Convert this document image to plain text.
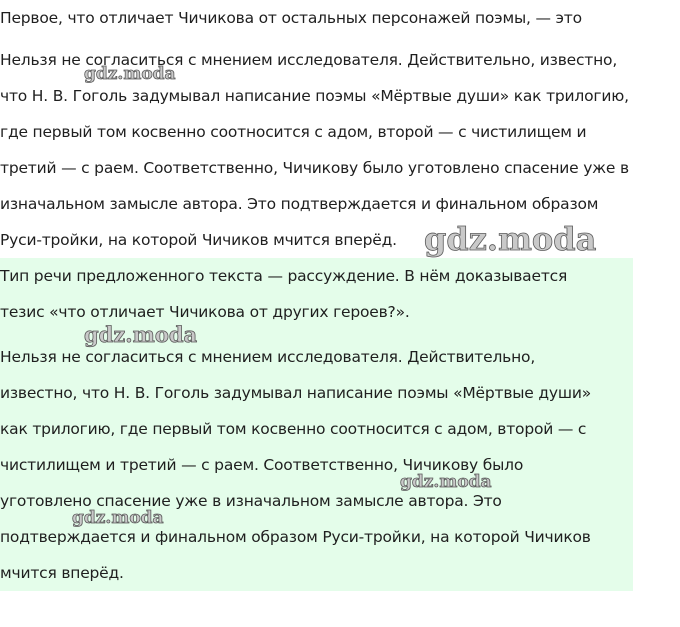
Первое, что отличает Чичикова от остальных персонажей поэмы, — это
Нельзя не согласиться с мнением исследователя. Действительно, известно,
что Н. В. Гоголь задумывал написание поэмы «Мёртвые души» как трилогию,
где первый том косвенно соотносится с адом, второй — с чистилищем и
третий — с раем. Соответственно, Чичикову было уготовлено спасение уже в
изначальном замысле автора. Это подтверждается и финальном образом
Руси-тройки, на которой Чичиков мчится вперёд.
Тип речи предложенного текста — рассуждение. В нём доказывается
тезис «что отличает Чичикова от других героев?».
Нельзя не согласиться с мнением исследователя. Действительно,
известно, что Н. В. Гоголь задумывал написание поэмы «Мёртвые души»
как трилогию, где первый том косвенно соотносится с адом, второй — с
чистилищем и третий — с раем. Соответственно, Чичикову было
уготовлено спасение уже в изначальном замысле автора. Это
подтверждается и финальном образом Руси-тройки, на которой Чичиков
мчится вперёд.
gdz.moda
gdz.moda
gdz.moda
gdz.moda
gdz.moda
